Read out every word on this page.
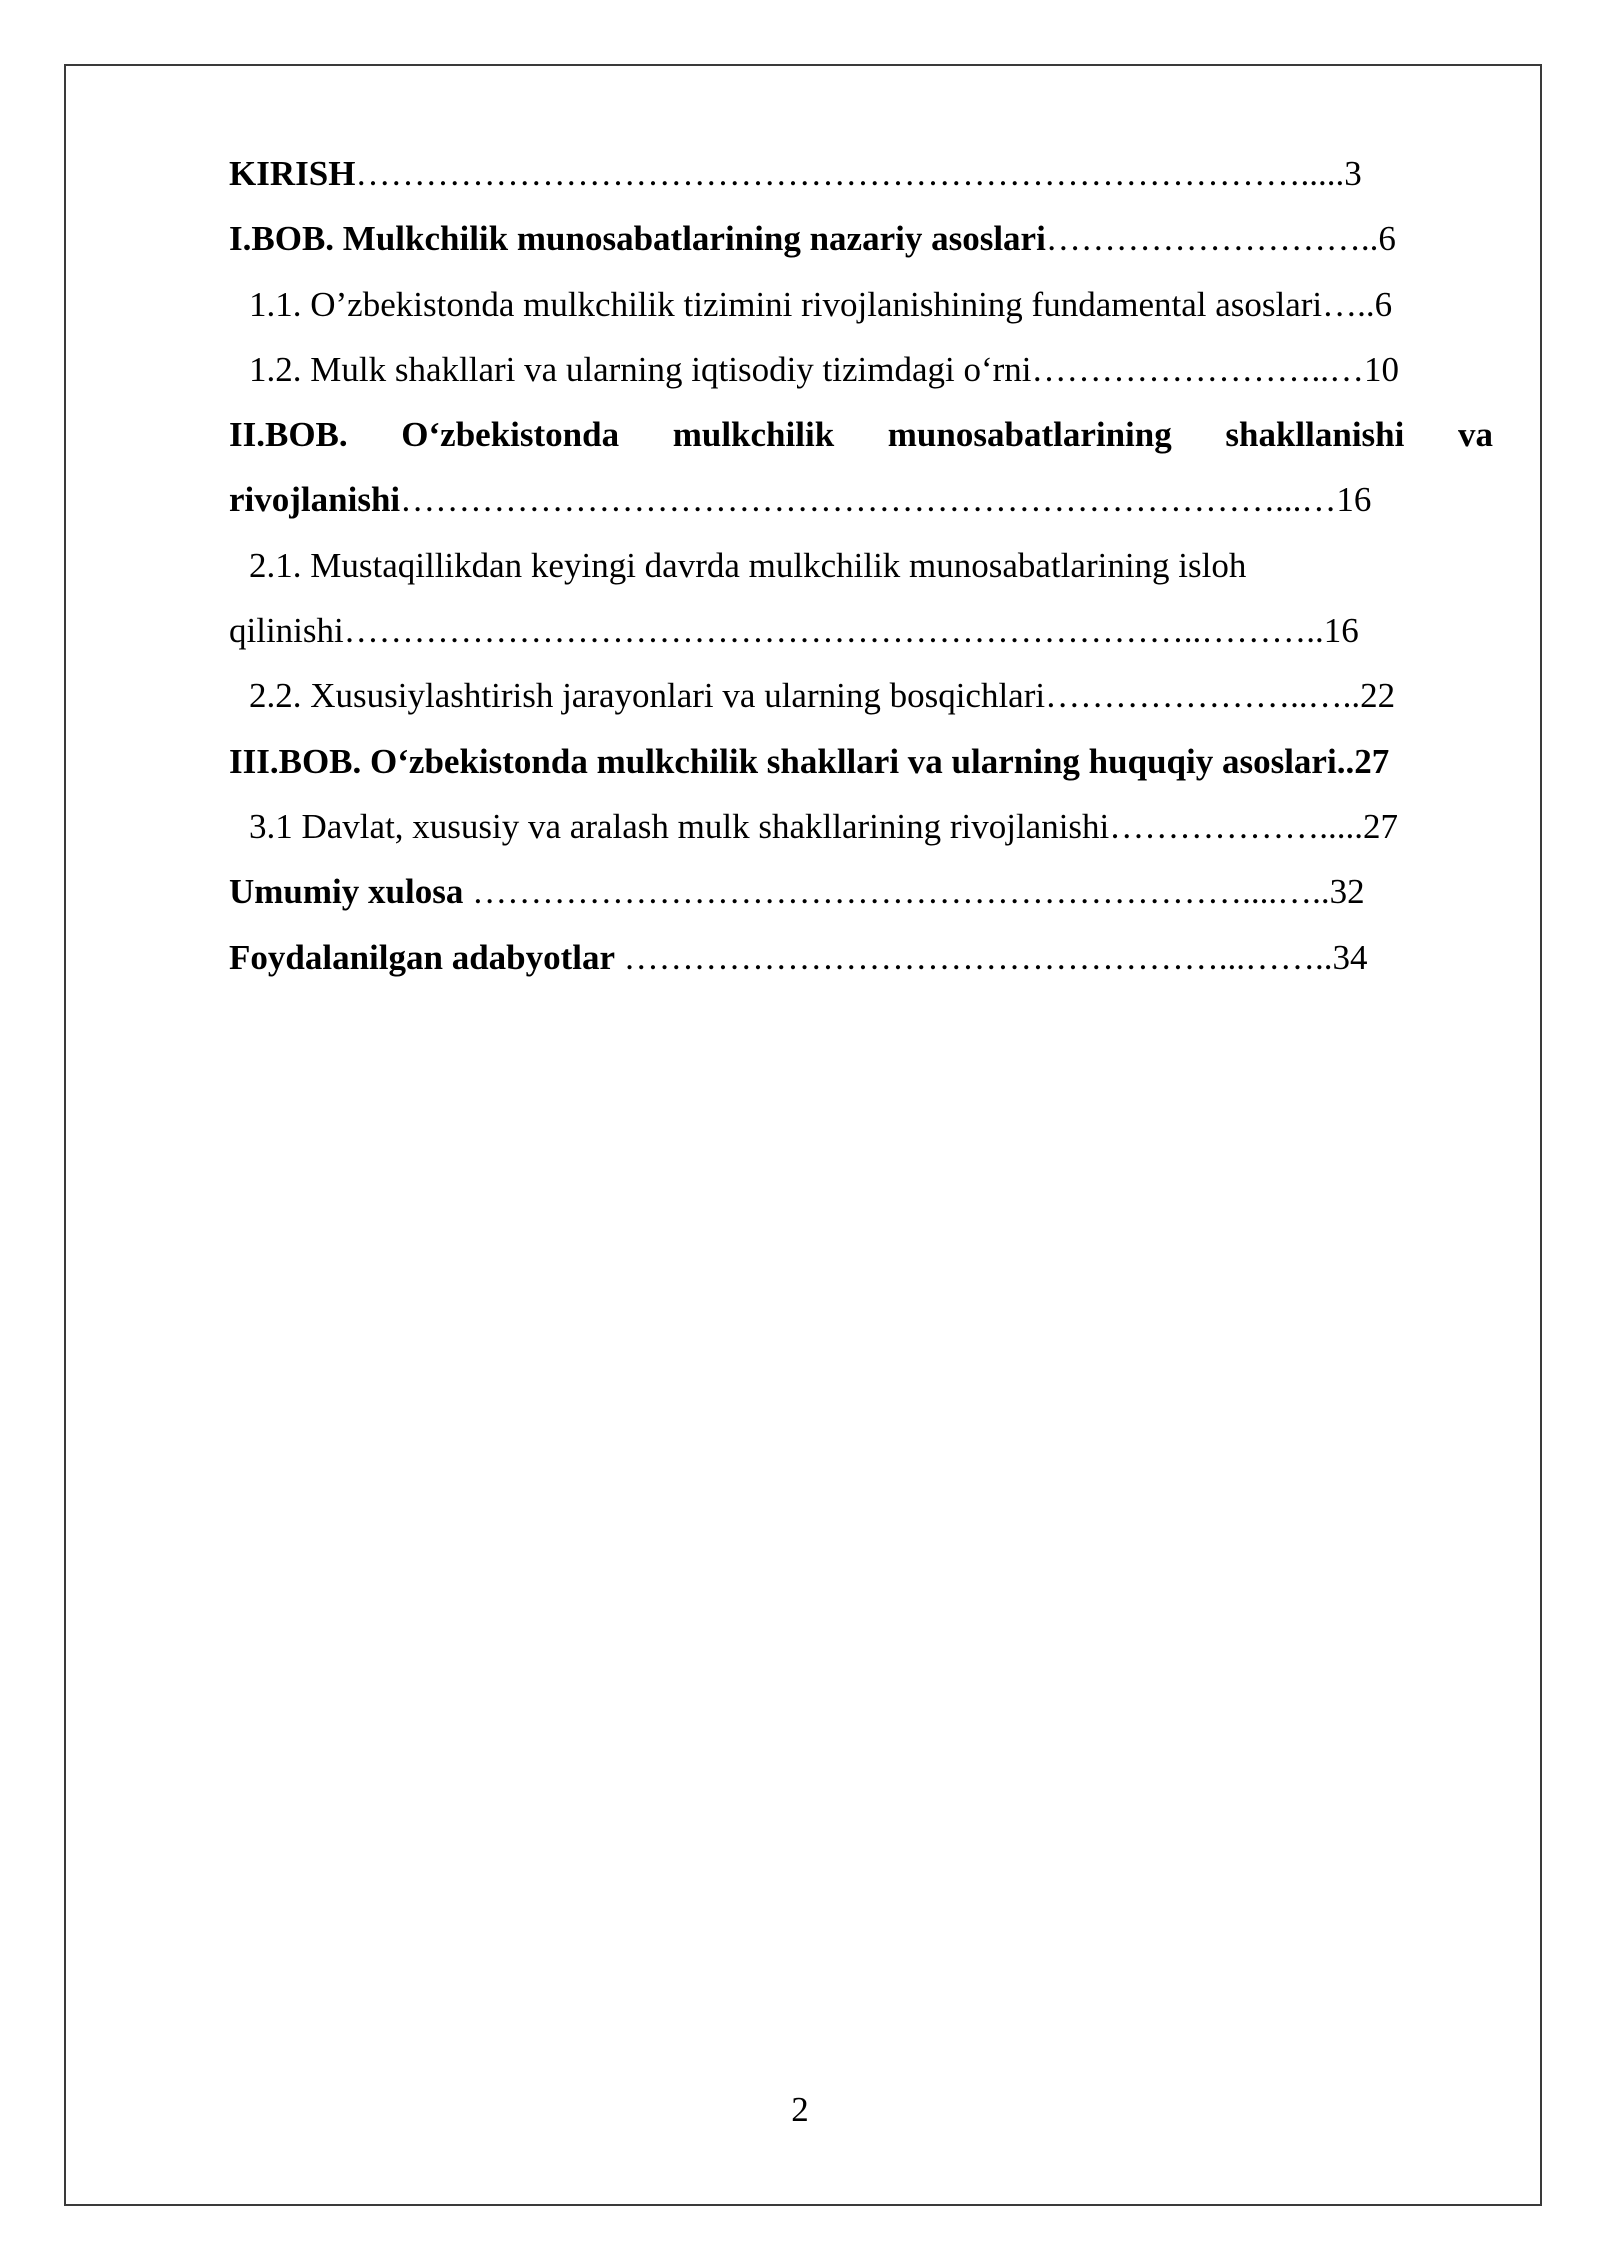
KIRISH……………………………………………………………………….....3
I.BOB. Mulkchilik munosabatlarining nazariy asoslari………………………..6
1.1. O’zbekistonda mulkchilik tizimini rivojlanishining fundamental asoslari…..6
1.2. Mulk shakllari va ularning iqtisodiy tizimdagi o‘rni……………………..…10
II.BOB. O‘zbekistonda mulkchilik munosabatlarining shakllanishi va
rivojlanishi…………………………………………………………………...…16
2.1. Mustaqillikdan keyingi davrda mulkchilik munosabatlarining isloh
qilinishi………………………………………………………………..………..16
2.2. Xususiylashtirish jarayonlari va ularning bosqichlari…………………..…..22
III.BOB. O‘zbekistonda mulkchilik shakllari va ularning huquqiy asoslari..27
3.1 Davlat, xususiy va aralash mulk shakllarining rivojlanishi……………….....27
Umumiy xulosa …………………………………………………………....…..32
Foydalanilgan adabyotlar ……………………………………………...……..34
2
